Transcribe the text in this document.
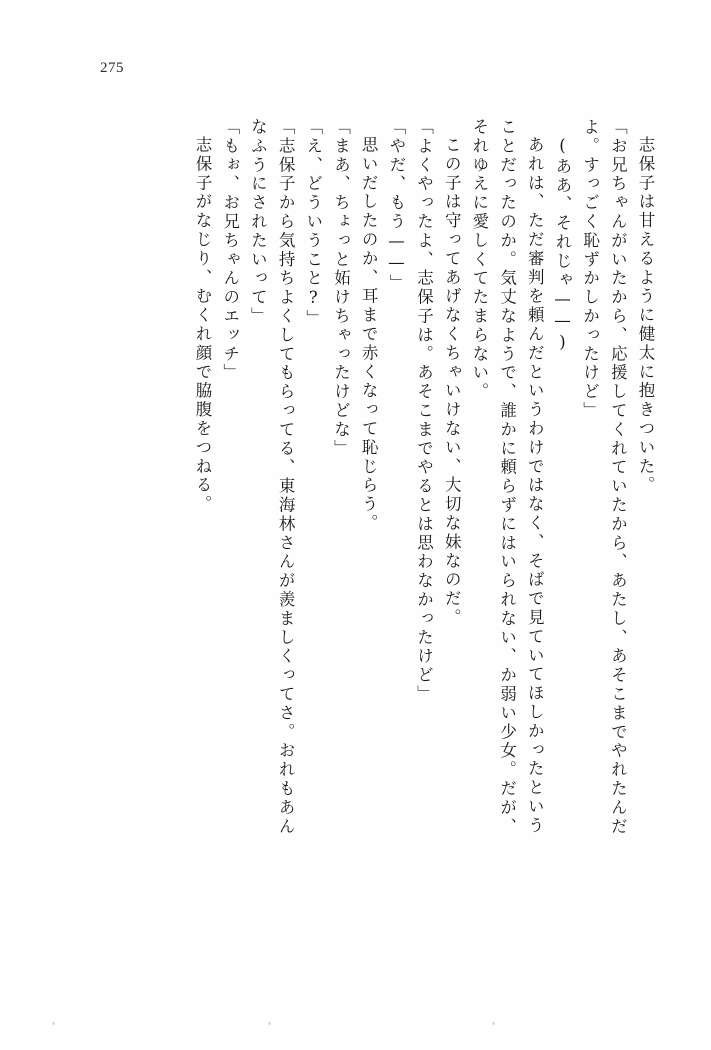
275
志保子は甘えるように健太に抱きついた。
「お兄ちゃんがいたから、応援してくれていたから、あたし、あそこまでやれたんだ
よ。すっごく恥ずかしかったけど」
(ああ、それじゃ——)
あれは、ただ審判を頼んだというわけではなく、そばで見ていてほしかったという
ことだったのか。気丈なようで、誰かに頼らずにはいられない、か弱い少女。だが、
それゆえに愛しくてたまらない。
この子は守ってあげなくちゃいけない、大切な妹なのだ。
「よくやったよ、志保子は。あそこまでやるとは思わなかったけど」
「やだ、もう——」
思いだしたのか、耳まで赤くなって恥じらう。
「まあ、ちょっと妬けちゃったけどな」
「え、どういうこと?」
「志保子から気持ちよくしてもらってる、東海林さんが羨ましくってさ。おれもあん
なふうにされたいって」
「もぉ、お兄ちゃんのエッチ」
志保子がなじり、むくれ顔で脇腹をつねる。
